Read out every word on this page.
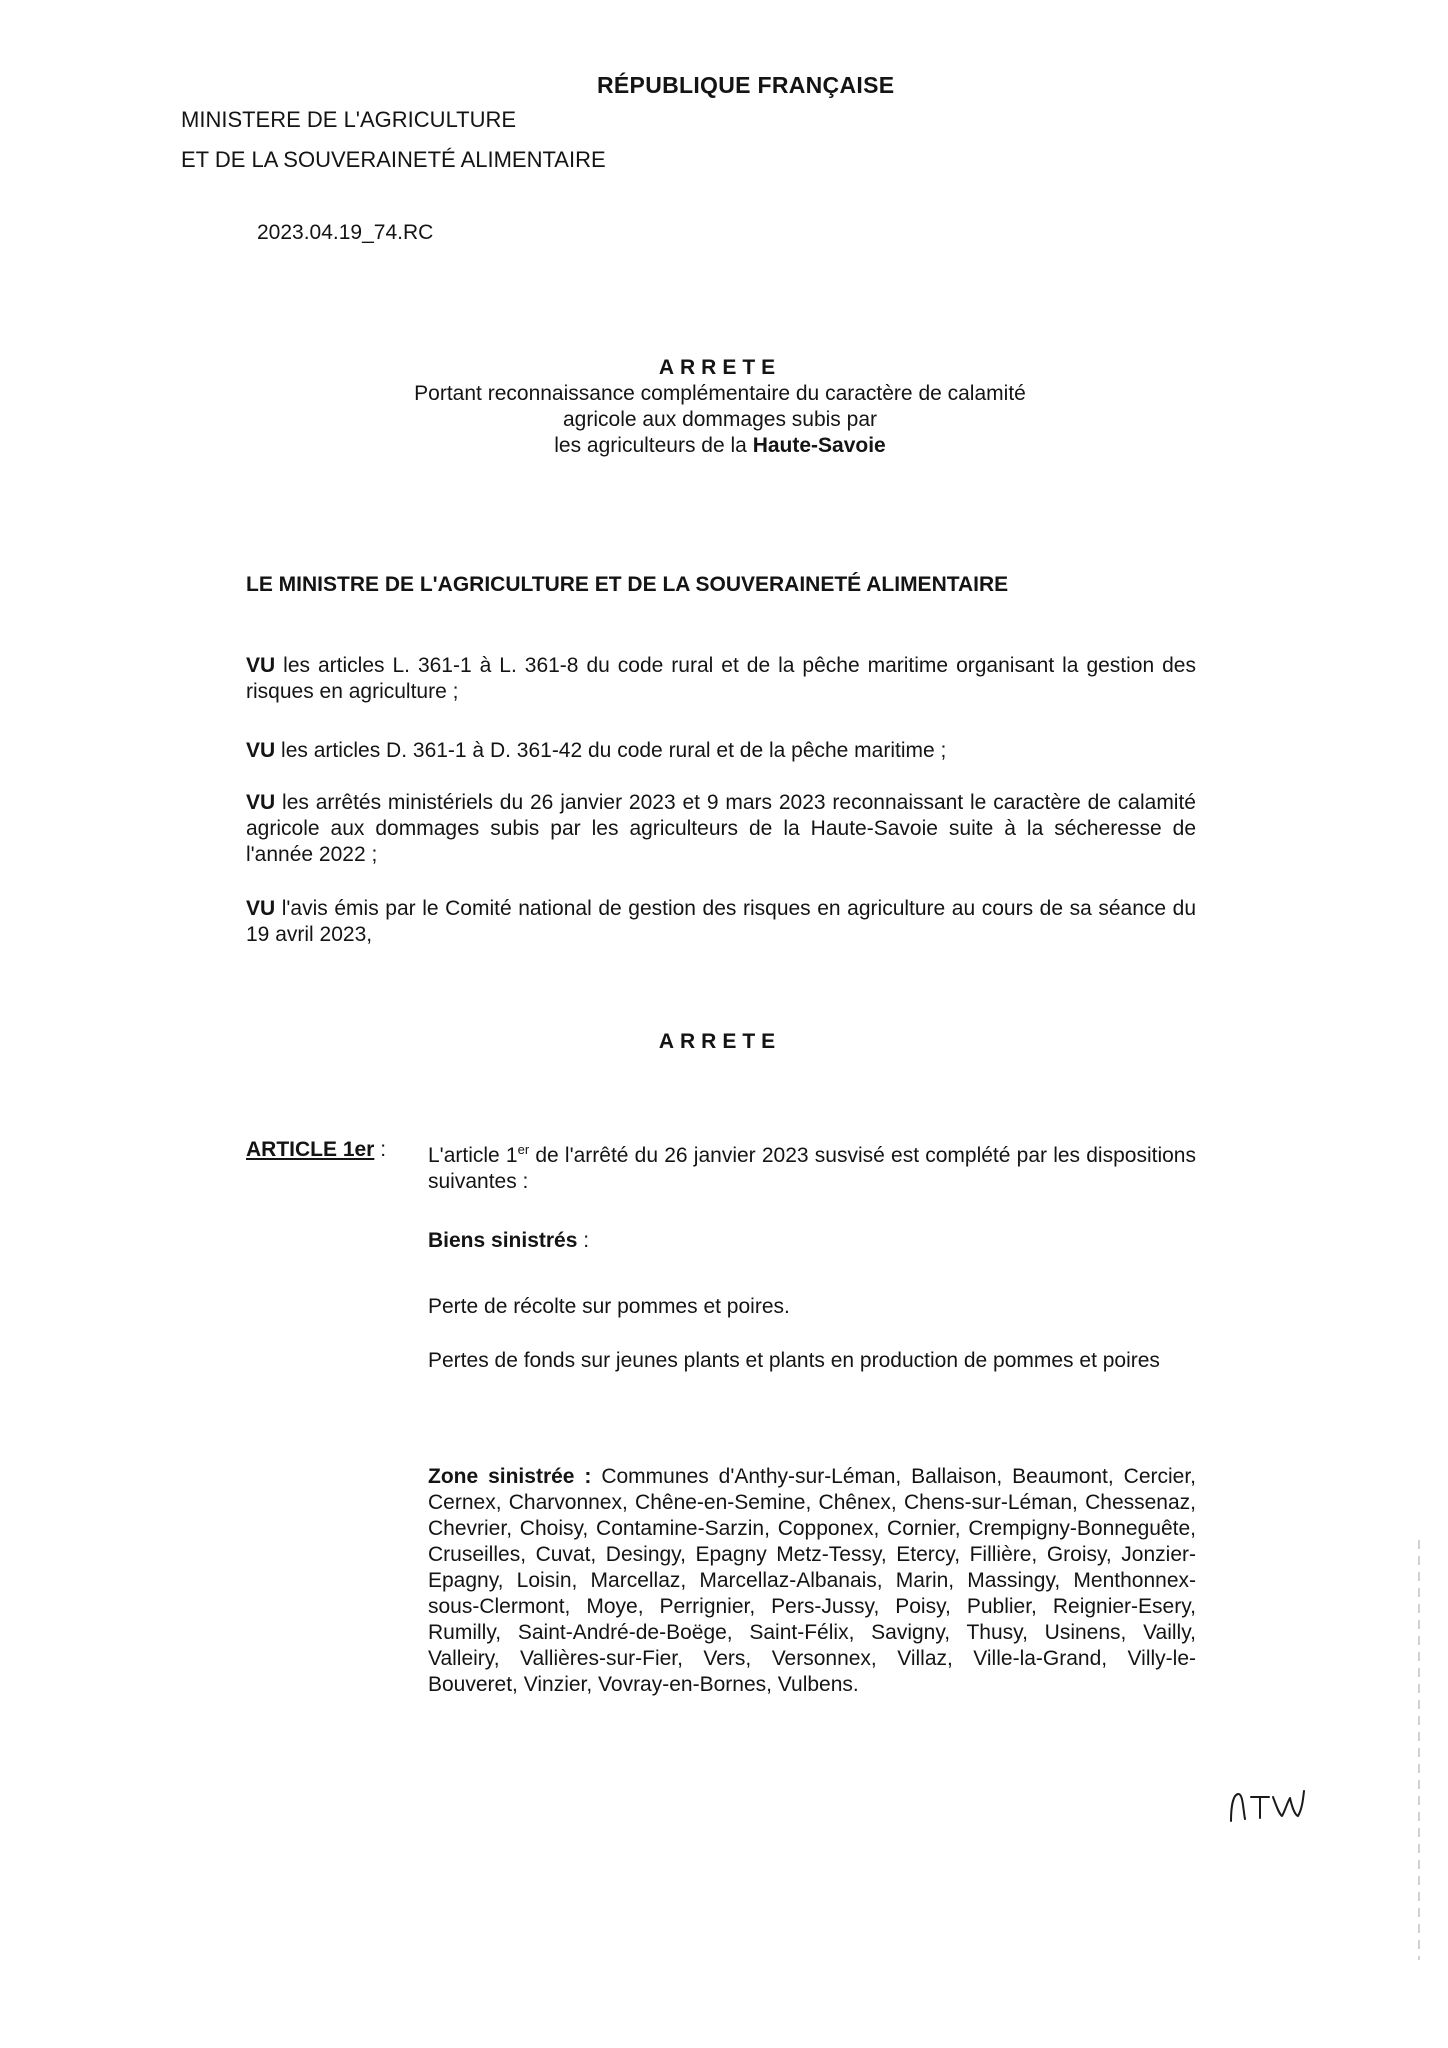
RÉPUBLIQUE FRANÇAISE
MINISTERE DE L'AGRICULTURE
ET DE LA SOUVERAINETÉ ALIMENTAIRE
2023.04.19_74.RC
ARRETE
Portant reconnaissance complémentaire du caractère de calamité
agricole aux dommages subis par
les agriculteurs de la Haute-Savoie
LE MINISTRE DE L'AGRICULTURE ET DE LA SOUVERAINETÉ ALIMENTAIRE
VU les articles L. 361-1 à L. 361-8 du code rural et de la pêche maritime organisant la gestion des risques en agriculture ;
VU les articles D. 361-1 à D. 361-42 du code rural et de la pêche maritime ;
VU les arrêtés ministériels du 26 janvier 2023 et 9 mars 2023 reconnaissant le caractère de calamité agricole aux dommages subis par les agriculteurs de la Haute-Savoie suite à la sécheresse de l'année 2022 ;
VU l'avis émis par le Comité national de gestion des risques en agriculture au cours de sa séance du 19 avril 2023,
ARRETE
ARTICLE 1er : L'article 1er de l'arrêté du 26 janvier 2023 susvisé est complété par les dispositions suivantes :
Biens sinistrés :
Perte de récolte sur pommes et poires.
Pertes de fonds sur jeunes plants et plants en production de pommes et poires
Zone sinistrée : Communes d'Anthy-sur-Léman, Ballaison, Beaumont, Cercier, Cernex, Charvonnex, Chêne-en-Semine, Chênex, Chens-sur-Léman, Chessenaz, Chevrier, Choisy, Contamine-Sarzin, Copponex, Cornier, Crempigny-Bonneguête, Cruseilles, Cuvat, Desingy, Epagny Metz-Tessy, Etercy, Fillière, Groisy, Jonzier-Epagny, Loisin, Marcellaz, Marcellaz-Albanais, Marin, Massingy, Menthonnex-sous-Clermont, Moye, Perrignier, Pers-Jussy, Poisy, Publier, Reignier-Esery, Rumilly, Saint-André-de-Boëge, Saint-Félix, Savigny, Thusy, Usinens, Vailly, Valleiry, Vallières-sur-Fier, Vers, Versonnex, Villaz, Ville-la-Grand, Villy-le-Bouveret, Vinzier, Vovray-en-Bornes, Vulbens.
